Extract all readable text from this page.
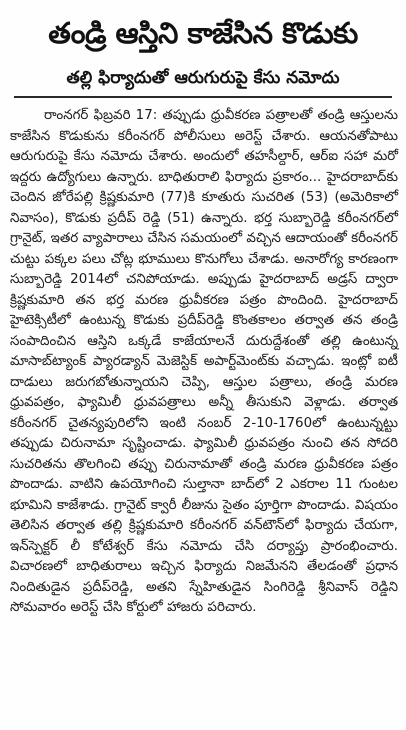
తండ్రి ఆస్తిని కాజేసిన కొడుకు
తల్లి ఫిర్యాదుతో ఆరుగురుపై కేసు నమోదు

రాంనగర్ ఫిబ్రవరి 17: తప్పుడు ధ్రువీకరణ పత్రాలతో తండ్రి ఆస్తులను కాజేసిన కొడుకును కరీంనగర్ పోలీసులు అరెస్ట్ చేశారు. ఆయనతోపాటు ఆరుగురుపై కేసు నమోదు చేశారు. అందులో తహసీల్దార్, ఆర్‌ఐ సహా మరో ఇద్దరు ఉద్యోగులు ఉన్నారు. బాధితురాలి ఫిర్యాదు ప్రకారం... హైదరాబాద్‌కు చెందిన జోరేపల్లి క్రిష్ణకుమారి (77)కి కూతురు సుచరిత (53) (అమెరికాలో నివాసం), కొడుకు ప్రదీప్ రెడ్డి (51) ఉన్నారు. భర్త సుబ్బారెడ్డి కరీంనగర్‌లో గ్రానైట్, ఇతర వ్యాపారాలు చేసిన సమయంలో వచ్చిన ఆదాయంతో కరీంనగర్ చుట్టు పక్కల పలు చోట్ల భూములు కొనుగోలు చేశాడు. అనారోగ్య కారణంగా సుబ్బారెడ్డి 2014లో చనిపోయాడు. అప్పుడు హైదరాబాద్ అడ్రస్ ద్వారా క్రిష్ణకుమారి తన భర్త మరణ ధ్రువీకరణ పత్రం పొందింది. హైదరాబాద్ హైటెక్సిటీలో ఉంటున్న కొడుకు ప్రదీప్‌రెడ్డి కొంతకాలం తర్వాత తన తండ్రి సంపాదించిన ఆస్తిని ఒక్కడే కాజేయాలనే దురుద్దేశంతో తల్లి ఉంటున్న మాసాబ్‌ట్యాంక్ ప్యారడ్యాన్ మెజెస్టిక్ అపార్ట్‌మెంట్‌కు వచ్చాడు. ఇంట్లో ఐటీ దాడులు జరుగబోతున్నాయని చెప్పి, ఆస్తుల పత్రాలు, తండ్రి మరణ ధ్రువపత్రం, ఫ్యామిలీ ధ్రువపత్రాలు అన్నీ తీసుకుని వెళ్లాడు. తర్వాత కరీంనగర్ చైతన్యపురిలోని ఇంటి నంబర్ 2-10-1760లో ఉంటున్నట్టు తప్పుడు చిరునామా సృష్టించాడు. ఫ్యామిలీ ధ్రువపత్రం నుంచి తన సోదరి సుచరితను తొలగించి తప్పు చిరునామాతో తండ్రి మరణ ధ్రువీకరణ పత్రం పొందాడు. వాటిని ఉపయోగించి సుల్తానా బాద్‌లో 2 ఎకరాల 11 గుంటల భూమిని కాజేశాడు. గ్రానైట్ క్వారీ లీజును సైతం పూర్తిగా పొందాడు. విషయం తెలిసిన తర్వాత తల్లి క్రిష్ణకుమారి కరీంనగర్ వన్‌టౌన్‌లో ఫిర్యాదు చేయగా, ఇన్‌స్పెక్టర్ లీ కోటేశ్వర్ కేసు నమోదు చేసి దర్యాప్తు ప్రారంభించారు. విచారణలో బాధితురాలు ఇచ్చిన ఫిర్యాదు నిజమేనని తేలడంతో ప్రధాన నిందితుడైన ప్రదీప్‌రెడ్డి, అతని స్నేహితుడైన సింగిరెడ్డి శ్రీనివాస్ రెడ్డిని సోమవారం అరెస్ట్ చేసి కోర్టులో హాజరు పరిచారు.
